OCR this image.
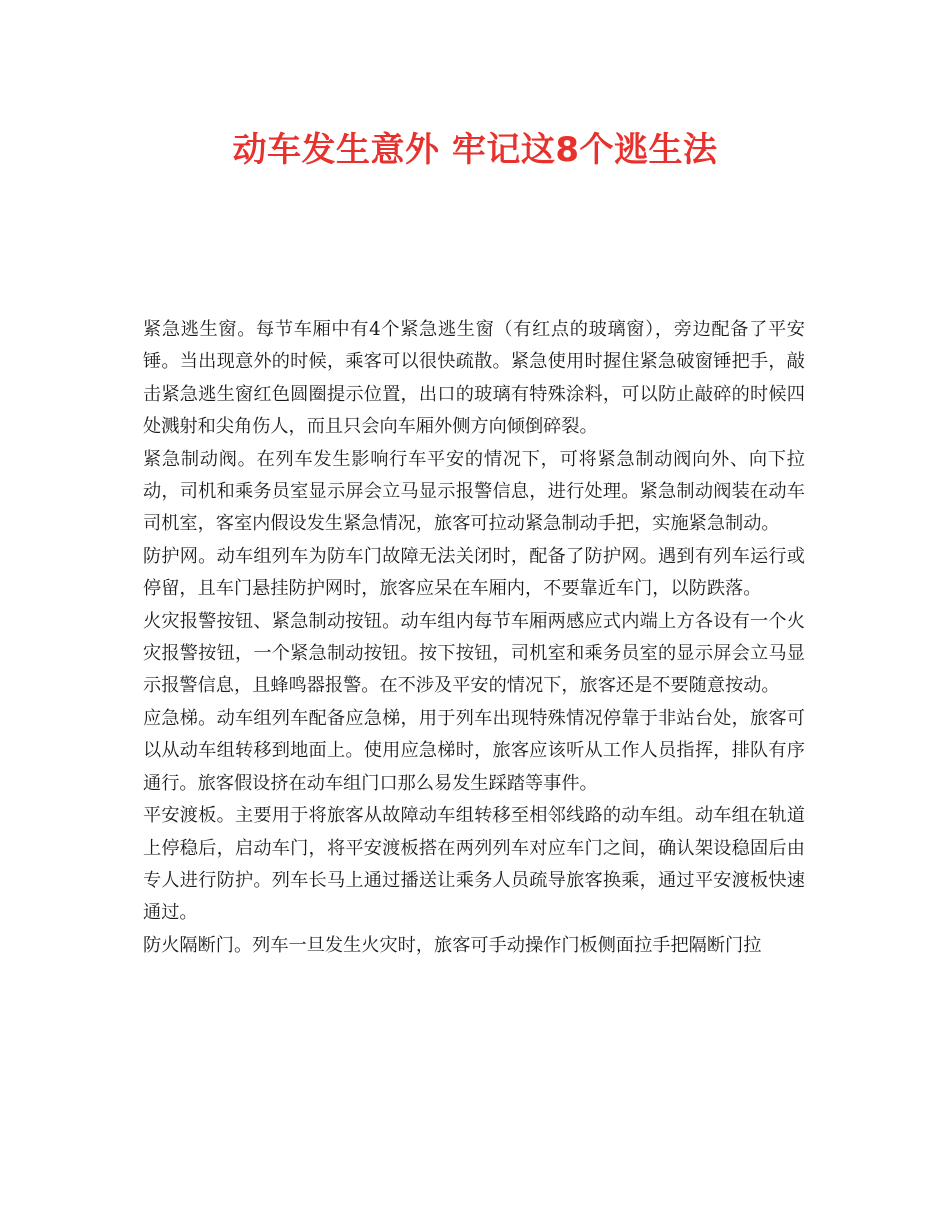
动车发生意外 牢记这8个逃生法

紧急逃生窗。每节车厢中有4个紧急逃生窗（有红点的玻璃窗），旁边配备了平安锤。当出现意外的时候，乘客可以很快疏散。紧急使用时握住紧急破窗锤把手，敲击紧急逃生窗红色圆圈提示位置，出口的玻璃有特殊涂料，可以防止敲碎的时候四处溅射和尖角伤人，而且只会向车厢外侧方向倾倒碎裂。

紧急制动阀。在列车发生影响行车平安的情况下，可将紧急制动阀向外、向下拉动，司机和乘务员室显示屏会立马显示报警信息，进行处理。紧急制动阀装在动车司机室，客室内假设发生紧急情况，旅客可拉动紧急制动手把，实施紧急制动。

防护网。动车组列车为防车门故障无法关闭时，配备了防护网。遇到有列车运行或停留，且车门悬挂防护网时，旅客应呆在车厢内，不要靠近车门，以防跌落。

火灾报警按钮、紧急制动按钮。动车组内每节车厢两感应式内端上方各设有一个火灾报警按钮，一个紧急制动按钮。按下按钮，司机室和乘务员室的显示屏会立马显示报警信息，且蜂鸣器报警。在不涉及平安的情况下，旅客还是不要随意按动。

应急梯。动车组列车配备应急梯，用于列车出现特殊情况停靠于非站台处，旅客可以从动车组转移到地面上。使用应急梯时，旅客应该听从工作人员指挥，排队有序通行。旅客假设挤在动车组门口那么易发生踩踏等事件。

平安渡板。主要用于将旅客从故障动车组转移至相邻线路的动车组。动车组在轨道上停稳后，启动车门，将平安渡板搭在两列列车对应车门之间，确认架设稳固后由专人进行防护。列车长马上通过播送让乘务人员疏导旅客换乘，通过平安渡板快速通过。

防火隔断门。列车一旦发生火灾时，旅客可手动操作门板侧面拉手把隔断门拉
